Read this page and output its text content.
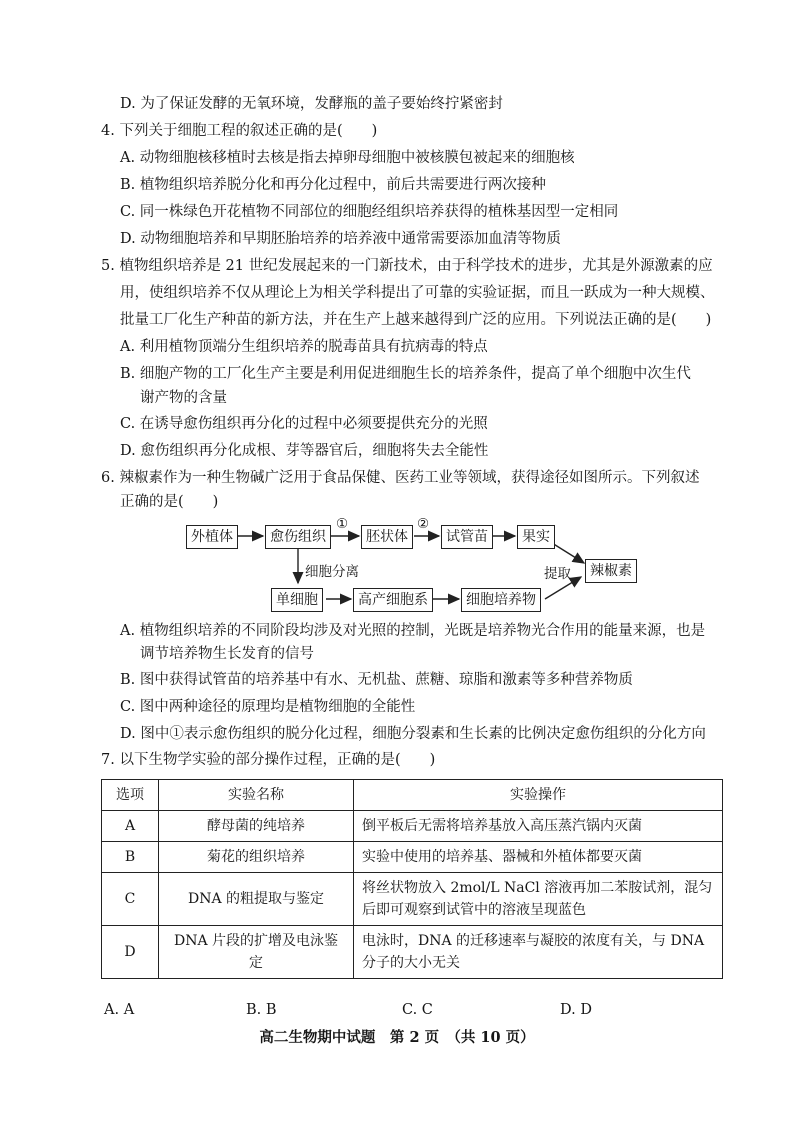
D. 为了保证发酵的无氧环境，发酵瓶的盖子要始终拧紧密封
4. 下列关于细胞工程的叙述正确的是(　　)
A. 动物细胞核移植时去核是指去掉卵母细胞中被核膜包被起来的细胞核
B. 植物组织培养脱分化和再分化过程中，前后共需要进行两次接种
C. 同一株绿色开花植物不同部位的细胞经组织培养获得的植株基因型一定相同
D. 动物细胞培养和早期胚胎培养的培养液中通常需要添加血清等物质
5. 植物组织培养是 21 世纪发展起来的一门新技术，由于科学技术的进步，尤其是外源激素的应
用，使组织培养不仅从理论上为相关学科提出了可靠的实验证据，而且一跃成为一种大规模、
批量工厂化生产种苗的新方法，并在生产上越来越得到广泛的应用。下列说法正确的是(　　)
A. 利用植物顶端分生组织培养的脱毒苗具有抗病毒的特点
B. 细胞产物的工厂化生产主要是利用促进细胞生长的培养条件，提高了单个细胞中次生代
谢产物的含量
C. 在诱导愈伤组织再分化的过程中必须要提供充分的光照
D. 愈伤组织再分化成根、芽等器官后，细胞将失去全能性
6. 辣椒素作为一种生物碱广泛用于食品保健、医药工业等领域，获得途径如图所示。下列叙述
正确的是(　　)
外植体	愈伤组织	胚状体	试管苗	果实
辣椒素
单细胞	高产细胞系	细胞培养物
①	②
细胞分离	提取
A. 植物组织培养的不同阶段均涉及对光照的控制，光既是培养物光合作用的能量来源，也是
调节培养物生长发育的信号
B. 图中获得试管苗的培养基中有水、无机盐、蔗糖、琼脂和激素等多种营养物质
C. 图中两种途径的原理均是植物细胞的全能性
D. 图中①表示愈伤组织的脱分化过程，细胞分裂素和生长素的比例决定愈伤组织的分化方向
7. 以下生物学实验的部分操作过程，正确的是(　　)
选项	实验名称	实验操作
A	酵母菌的纯培养	倒平板后无需将培养基放入高压蒸汽锅内灭菌
B	菊花的组织培养	实验中使用的培养基、器械和外植体都要灭菌
C	DNA 的粗提取与鉴定	将丝状物放入 2mol/L NaCl 溶液再加二苯胺试剂，混匀后即可观察到试管中的溶液呈现蓝色
D	DNA 片段的扩增及电泳鉴定	电泳时，DNA 的迁移速率与凝胶的浓度有关，与 DNA 分子的大小无关
A. A	B. B	C. C	D. D
高二生物期中试题　第 2 页　（共 10 页）
